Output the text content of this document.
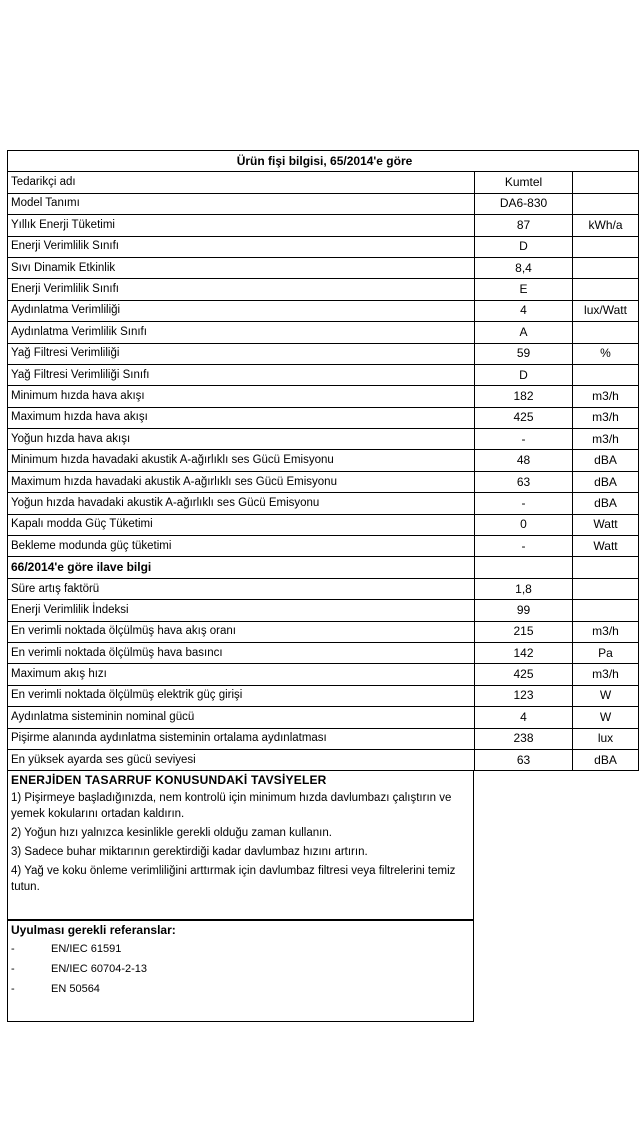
Ürün fişi bilgisi, 65/2014'e göre		
Tedarikçi adı	Kumtel	
Model Tanımı	DA6-830	
Yıllık Enerji Tüketimi	87	kWh/a
Enerji Verimlilik Sınıfı	D	
Sıvı Dinamik Etkinlik	8,4	
Enerji Verimlilik Sınıfı	E	
Aydınlatma Verimliliği	4	lux/Watt
Aydınlatma Verimlilik Sınıfı	A	
Yağ Filtresi Verimliliği	59	%
Yağ Filtresi Verimliliği Sınıfı	D	
Minimum hızda hava akışı	182	m3/h
Maximum hızda hava akışı	425	m3/h
Yoğun hızda hava akışı	-	m3/h
Minimum hızda havadaki akustik A-ağırlıklı ses Gücü Emisyonu	48	dBA
Maximum hızda havadaki akustik A-ağırlıklı ses Gücü Emisyonu	63	dBA
Yoğun hızda havadaki akustik A-ağırlıklı ses Gücü Emisyonu	-	dBA
Kapalı modda Güç Tüketimi	0	Watt
Bekleme modunda güç tüketimi	-	Watt
66/2014'e göre ilave bilgi		
Süre artış faktörü	1,8	
Enerji Verimlilik İndeksi	99	
En verimli noktada ölçülmüş hava akış oranı	215	m3/h
En verimli noktada ölçülmüş hava basıncı	142	Pa
Maximum akış hızı	425	m3/h
En verimli noktada ölçülmüş elektrik güç girişi	123	W
Aydınlatma sisteminin nominal gücü	4	W
Pişirme alanında aydınlatma sisteminin ortalama aydınlatması	238	lux
En yüksek ayarda ses gücü seviyesi	63	dBA
ENERJİDEN TASARRUF KONUSUNDAKİ TAVSİYELER

1) Pişirmeye başladığınızda, nem kontrolü için minimum hızda davlumbazı çalıştırın ve yemek kokularını ortadan kaldırın.

2) Yoğun hızı yalnızca kesinlikle gerekli olduğu zaman kullanın.

3) Sadece buhar miktarının gerektirdiği kadar davlumbaz hızını artırın.

4) Yağ ve koku önleme verimliliğini arttırmak için davlumbaz filtresi veya filtrelerini temiz tutun.

Uyulması gerekli referanslar:
-	EN/IEC 61591
-	EN/IEC 60704-2-13
-	EN 50564
